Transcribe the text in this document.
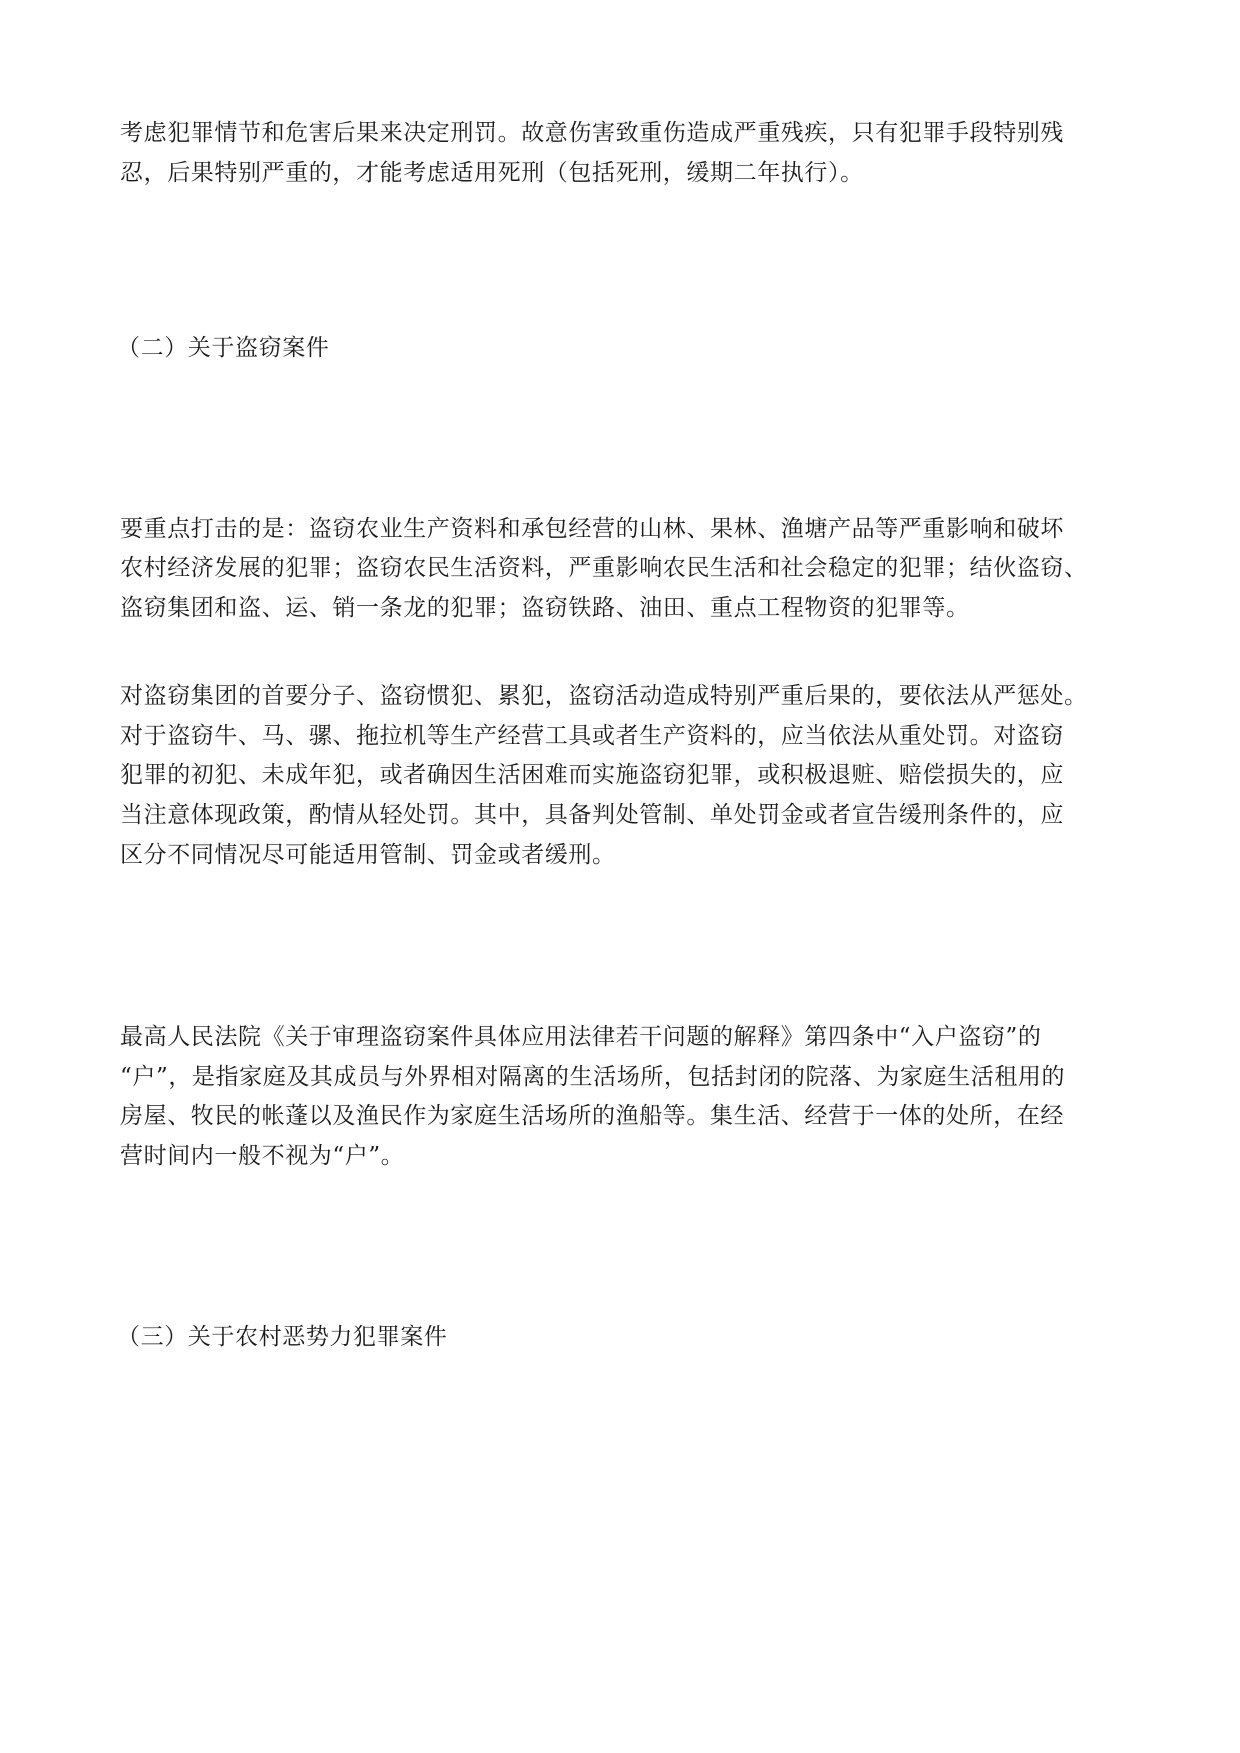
考虑犯罪情节和危害后果来决定刑罚。故意伤害致重伤造成严重残疾，只有犯罪手段特别残
忍，后果特别严重的，才能考虑适用死刑（包括死刑，缓期二年执行）。
（二）关于盗窃案件
要重点打击的是：盗窃农业生产资料和承包经营的山林、果林、渔塘产品等严重影响和破坏
农村经济发展的犯罪；盗窃农民生活资料，严重影响农民生活和社会稳定的犯罪；结伙盗窃、
盗窃集团和盗、运、销一条龙的犯罪；盗窃铁路、油田、重点工程物资的犯罪等。
对盗窃集团的首要分子、盗窃惯犯、累犯，盗窃活动造成特别严重后果的，要依法从严惩处。
对于盗窃牛、马、骡、拖拉机等生产经营工具或者生产资料的，应当依法从重处罚。对盗窃
犯罪的初犯、未成年犯，或者确因生活困难而实施盗窃犯罪，或积极退赃、赔偿损失的，应
当注意体现政策，酌情从轻处罚。其中，具备判处管制、单处罚金或者宣告缓刑条件的，应
区分不同情况尽可能适用管制、罚金或者缓刑。
最高人民法院《关于审理盗窃案件具体应用法律若干问题的解释》第四条中“入户盗窃”的
“户”，是指家庭及其成员与外界相对隔离的生活场所，包括封闭的院落、为家庭生活租用的
房屋、牧民的帐蓬以及渔民作为家庭生活场所的渔船等。集生活、经营于一体的处所，在经
营时间内一般不视为“户”。
（三）关于农村恶势力犯罪案件
